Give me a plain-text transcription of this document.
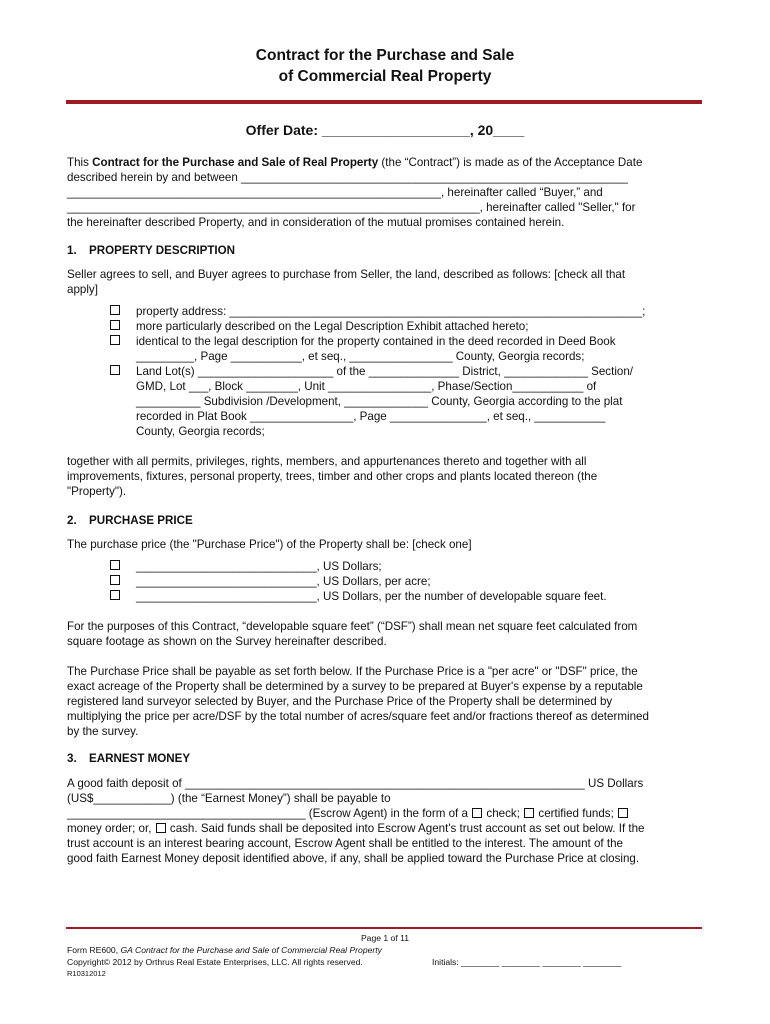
Contract for the Purchase and Sale
of Commercial Real Property
Offer Date: ___________________, 20____
This Contract for the Purchase and Sale of Real Property (the “Contract”) is made as of the Acceptance Date
described herein by and between ____________________________________________________________
__________________________________________________________, hereinafter called “Buyer,” and
________________________________________________________________, hereinafter called "Seller," for
the hereinafter described Property, and in consideration of the mutual promises contained herein.
1. PROPERTY DESCRIPTION
Seller agrees to sell, and Buyer agrees to purchase from Seller, the land, described as follows: [check all that
apply]
property address: ________________________________________________________________;
more particularly described on the Legal Description Exhibit attached hereto;
identical to the legal description for the property contained in the deed recorded in Deed Book
_________, Page ___________, et seq., ________________ County, Georgia records;
Land Lot(s) _____________________ of the ______________ District, _____________ Section/
GMD, Lot ___, Block ________, Unit ________________, Phase/Section___________ of
__________ Subdivision /Development, _____________ County, Georgia according to the plat
recorded in Plat Book ________________, Page _______________, et seq., ___________
County, Georgia records;
together with all permits, privileges, rights, members, and appurtenances thereto and together with all
improvements, fixtures, personal property, trees, timber and other crops and plants located thereon (the
"Property").
2. PURCHASE PRICE
The purchase price (the "Purchase Price") of the Property shall be: [check one]
____________________________, US Dollars;
____________________________, US Dollars, per acre;
____________________________, US Dollars, per the number of developable square feet.
For the purposes of this Contract, “developable square feet” (“DSF”) shall mean net square feet calculated from
square footage as shown on the Survey hereinafter described.
The Purchase Price shall be payable as set forth below. If the Purchase Price is a "per acre" or "DSF" price, the
exact acreage of the Property shall be determined by a survey to be prepared at Buyer's expense by a reputable
registered land surveyor selected by Buyer, and the Purchase Price of the Property shall be determined by
multiplying the price per acre/DSF by the total number of acres/square feet and/or fractions thereof as determined
by the survey.
3. EARNEST MONEY
A good faith deposit of ______________________________________________________________ US Dollars
(US$____________) (the “Earnest Money”) shall be payable to
_____________________________________ (Escrow Agent) in the form of a check; certified funds;
money order; or, cash. Said funds shall be deposited into Escrow Agent's trust account as set out below. If the
trust account is an interest bearing account, Escrow Agent shall be entitled to the interest. The amount of the
good faith Earnest Money deposit identified above, if any, shall be applied toward the Purchase Price at closing.
Page 1 of 11
Form RE600, GA Contract for the Purchase and Sale of Commercial Real Property
Copyright© 2012 by Orthrus Real Estate Enterprises, LLC. All rights reserved.	Initials: ________ ________ ________ ________
R10312012
